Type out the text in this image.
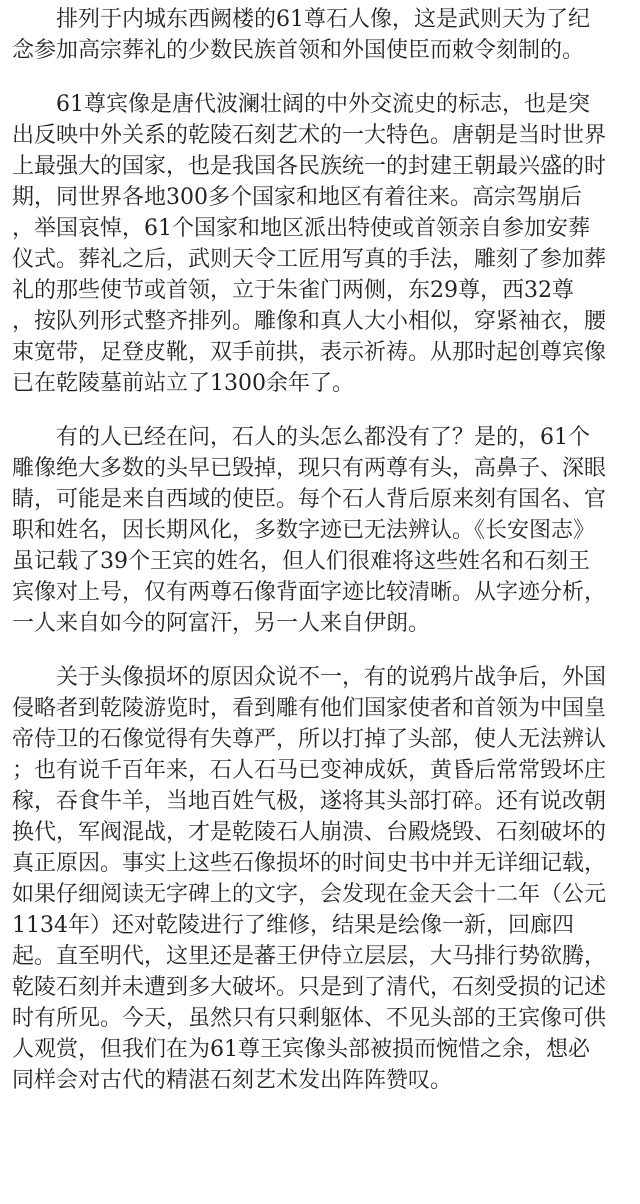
　　排列于内城东西阙楼的61尊石人像，这是武则天为了纪
念参加高宗葬礼的少数民族首领和外国使臣而敕令刻制的。
　　61尊宾像是唐代波澜壮阔的中外交流史的标志，也是突
出反映中外关系的乾陵石刻艺术的一大特色。唐朝是当时世界
上最强大的国家，也是我国各民族统一的封建王朝最兴盛的时
期，同世界各地300多个国家和地区有着往来。高宗驾崩后
，举国哀悼，61个国家和地区派出特使或首领亲自参加安葬
仪式。葬礼之后，武则天令工匠用写真的手法，雕刻了参加葬
礼的那些使节或首领，立于朱雀门两侧，东29尊，西32尊
，按队列形式整齐排列。雕像和真人大小相似，穿紧袖衣，腰
束宽带，足登皮靴，双手前拱，表示祈祷。从那时起创尊宾像
已在乾陵墓前站立了1300余年了。
　　有的人已经在问，石人的头怎么都没有了？是的，61个
雕像绝大多数的头早已毁掉，现只有两尊有头，高鼻子、深眼
睛，可能是来自西域的使臣。每个石人背后原来刻有国名、官
职和姓名，因长期风化，多数字迹已无法辨认。《长安图志》
虽记载了39个王宾的姓名，但人们很难将这些姓名和石刻王
宾像对上号，仅有两尊石像背面字迹比较清晰。从字迹分析，
一人来自如今的阿富汗，另一人来自伊朗。
　　关于头像损坏的原因众说不一，有的说鸦片战争后，外国
侵略者到乾陵游览时，看到雕有他们国家使者和首领为中国皇
帝侍卫的石像觉得有失尊严，所以打掉了头部，使人无法辨认
；也有说千百年来，石人石马已变神成妖，黄昏后常常毁坏庄
稼，吞食牛羊，当地百姓气极，遂将其头部打碎。还有说改朝
换代，军阀混战，才是乾陵石人崩溃、台殿烧毁、石刻破坏的
真正原因。事实上这些石像损坏的时间史书中并无详细记载，
如果仔细阅读无字碑上的文字，会发现在金天会十二年（公元
1134年）还对乾陵进行了维修，结果是绘像一新，回廊四
起。直至明代，这里还是蕃王伊侍立层层，大马排行势欲腾，
乾陵石刻并未遭到多大破坏。只是到了清代，石刻受损的记述
时有所见。今天，虽然只有只剩躯体、不见头部的王宾像可供
人观赏，但我们在为61尊王宾像头部被损而惋惜之余，想必
同样会对古代的精湛石刻艺术发出阵阵赞叹。
